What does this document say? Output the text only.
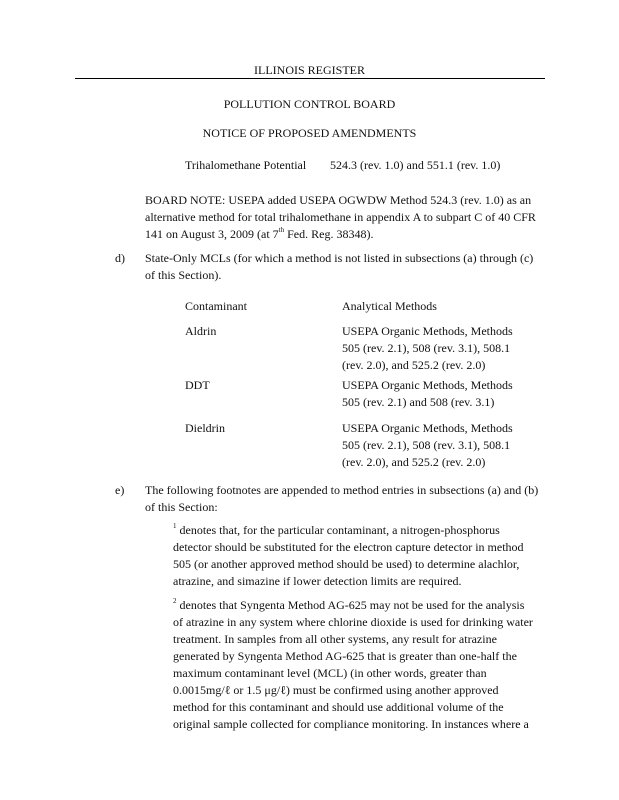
ILLINOIS REGISTER
POLLUTION CONTROL BOARD
NOTICE OF PROPOSED AMENDMENTS
Trihalomethane Potential 524.3 (rev. 1.0) and 551.1 (rev. 1.0)
BOARD NOTE: USEPA added USEPA OGWDW Method 524.3 (rev. 1.0) as an
alternative method for total trihalomethane in appendix A to subpart C of 40 CFR
141 on August 3, 2009 (at 7th Fed. Reg. 38348).
d) State-Only MCLs (for which a method is not listed in subsections (a) through (c)
of this Section).
Contaminant	Analytical Methods
Aldrin	USEPA Organic Methods, Methods
505 (rev. 2.1), 508 (rev. 3.1), 508.1
(rev. 2.0), and 525.2 (rev. 2.0)
DDT	USEPA Organic Methods, Methods
505 (rev. 2.1) and 508 (rev. 3.1)
Dieldrin	USEPA Organic Methods, Methods
505 (rev. 2.1), 508 (rev. 3.1), 508.1
(rev. 2.0), and 525.2 (rev. 2.0)
e) The following footnotes are appended to method entries in subsections (a) and (b)
of this Section:
$^1$ denotes that, for the particular contaminant, a nitrogen-phosphorus
detector should be substituted for the electron capture detector in method
505 (or another approved method should be used) to determine alachlor,
atrazine, and simazine if lower detection limits are required.
$^2$ denotes that Syngenta Method AG-625 may not be used for the analysis
of atrazine in any system where chlorine dioxide is used for drinking water
treatment. In samples from all other systems, any result for atrazine
generated by Syngenta Method AG-625 that is greater than one-half the
maximum contaminant level (MCL) (in other words, greater than
0.0015mg/ℓ or 1.5 μg/ℓ) must be confirmed using another approved
method for this contaminant and should use additional volume of the
original sample collected for compliance monitoring. In instances where a
